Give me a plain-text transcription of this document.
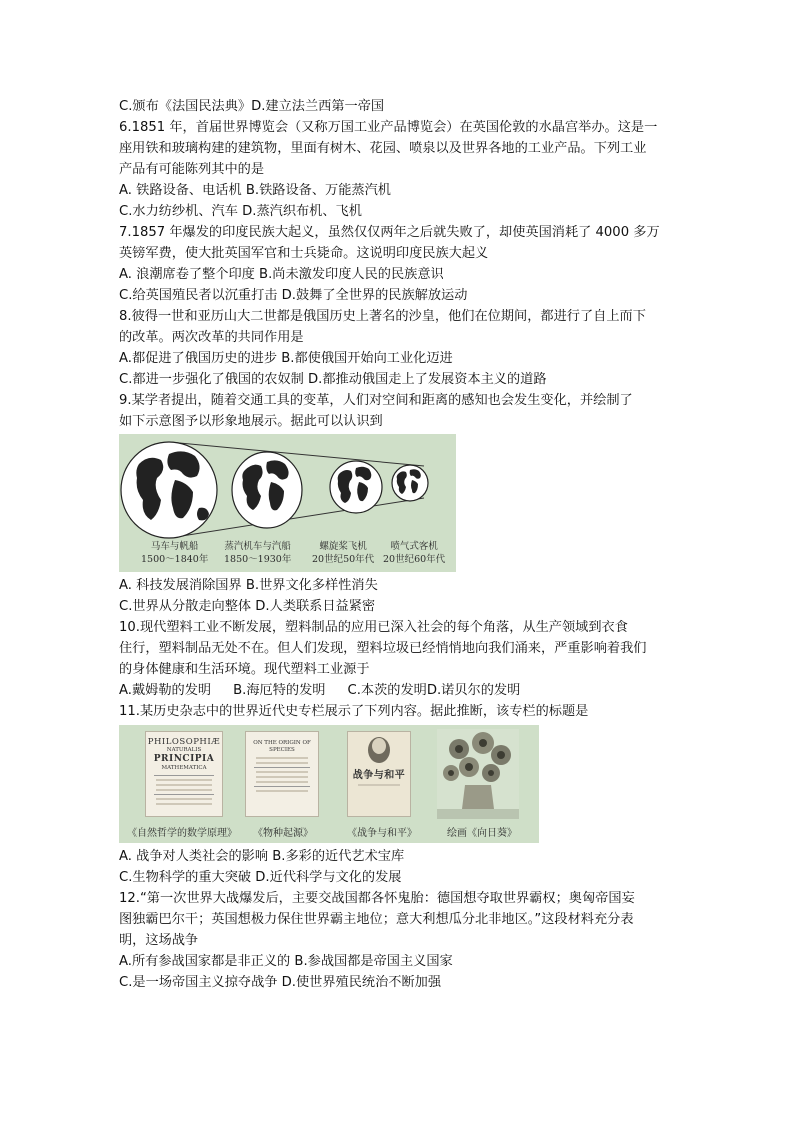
C.颁布《法国民法典》D.建立法兰西第一帝国
6.1851 年，首届世界博览会（又称万国工业产品博览会）在英国伦敦的水晶宫举办。这是一
座用铁和玻璃构建的建筑物，里面有树木、花园、喷泉以及世界各地的工业产品。下列工业
产品有可能陈列其中的是
A. 铁路设备、电话机 B.铁路设备、万能蒸汽机
C.水力纺纱机、汽车 D.蒸汽织布机、飞机
7.1857 年爆发的印度民族大起义，虽然仅仅两年之后就失败了，却使英国消耗了 4000 多万
英镑军费，使大批英国军官和士兵毙命。这说明印度民族大起义
A. 浪潮席卷了整个印度 B.尚未激发印度人民的民族意识
C.给英国殖民者以沉重打击 D.鼓舞了全世界的民族解放运动
8.彼得一世和亚历山大二世都是俄国历史上著名的沙皇，他们在位期间，都进行了自上而下
的改革。两次改革的共同作用是
A.都促进了俄国历史的进步 B.都使俄国开始向工业化迈进
C.都进一步强化了俄国的农奴制 D.都推动俄国走上了发展资本主义的道路
9.某学者提出，随着交通工具的变革，人们对空间和距离的感知也会发生变化，并绘制了
如下示意图予以形象地展示。据此可以认识到
马车与帆船
1500～1840年
蒸汽机车与汽船
1850～1930年
螺旋桨飞机
20世纪50年代
喷气式客机
20世纪60年代
A. 科技发展消除国界 B.世界文化多样性消失
C.世界从分散走向整体 D.人类联系日益紧密
10.现代塑料工业不断发展，塑料制品的应用已深入社会的每个角落，从生产领域到衣食
住行，塑料制品无处不在。但人们发现，塑料垃圾已经悄悄地向我们涌来，严重影响着我们
的身体健康和生活环境。现代塑料工业源于
A.戴姆勒的发明 B.海厄特的发明 C.本茨的发明D.诺贝尔的发明
11.某历史杂志中的世界近代史专栏展示了下列内容。据此推断，该专栏的标题是
PHILOSOPHIÆ
NATURALIS
PRINCIPIA
MATHEMATICA
ON THE ORIGIN OF SPECIES
战争与和平
《自然哲学的数学原理》 《物种起源》	《战争与和平》	绘画《向日葵》
A. 战争对人类社会的影响 B.多彩的近代艺术宝库
C.生物科学的重大突破 D.近代科学与文化的发展
12.“第一次世界大战爆发后，主要交战国都各怀鬼胎：德国想夺取世界霸权；奥匈帝国妄
图独霸巴尔干；英国想极力保住世界霸主地位；意大利想瓜分北非地区。”这段材料充分表
明，这场战争
A.所有参战国家都是非正义的 B.参战国都是帝国主义国家
C.是一场帝国主义掠夺战争 D.使世界殖民统治不断加强
